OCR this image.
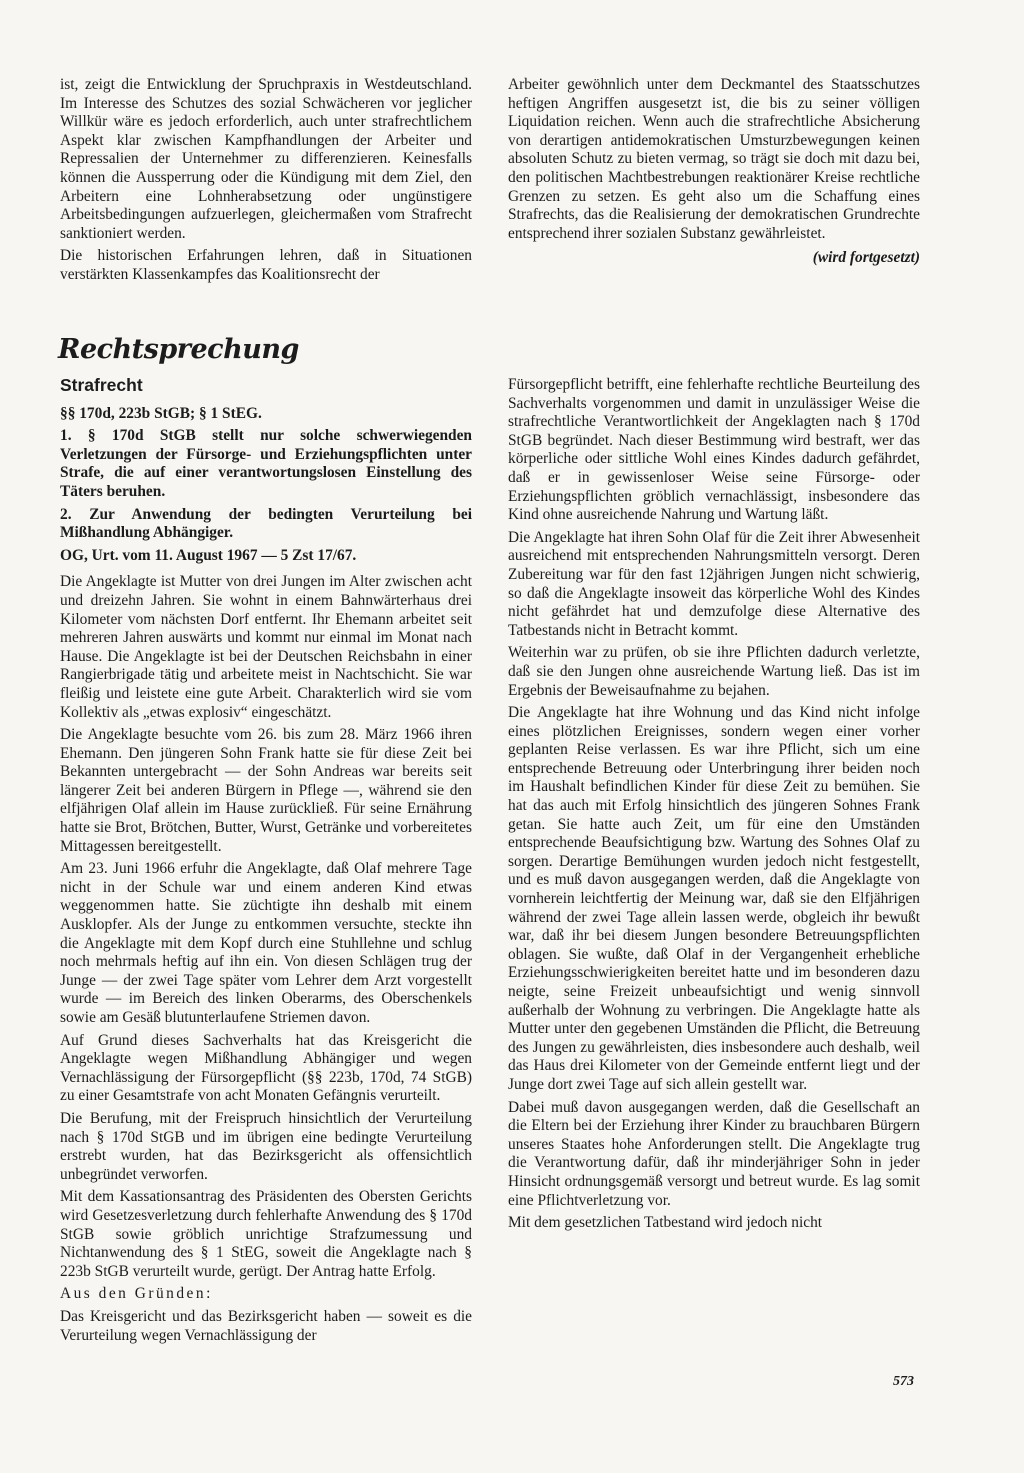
ist, zeigt die Entwicklung der Spruchpraxis in Westdeutschland. Im Interesse des Schutzes des sozial Schwächeren vor jeglicher Willkür wäre es jedoch erforderlich, auch unter strafrechtlichem Aspekt klar zwischen Kampfhandlungen der Arbeiter und Repressalien der Unternehmer zu differenzieren. Keinesfalls können die Aussperrung oder die Kündigung mit dem Ziel, den Arbeitern eine Lohnherabsetzung oder ungünstigere Arbeitsbedingungen aufzuerlegen, gleichermaßen vom Strafrecht sanktioniert werden.

Die historischen Erfahrungen lehren, daß in Situationen verstärkten Klassenkampfes das Koalitionsrecht der

Arbeiter gewöhnlich unter dem Deckmantel des Staatsschutzes heftigen Angriffen ausgesetzt ist, die bis zu seiner völligen Liquidation reichen. Wenn auch die strafrechtliche Absicherung von derartigen antidemokratischen Umsturzbewegungen keinen absoluten Schutz zu bieten vermag, so trägt sie doch mit dazu bei, den politischen Machtbestrebungen reaktionärer Kreise rechtliche Grenzen zu setzen. Es geht also um die Schaffung eines Strafrechts, das die Realisierung der demokratischen Grundrechte entsprechend ihrer sozialen Substanz gewährleistet.

(wird fortgesetzt)

Rechtsprechung

Strafrecht

§§ 170d, 223b StGB; § 1 StEG.

1. § 170d StGB stellt nur solche schwerwiegenden Verletzungen der Fürsorge- und Erziehungspflichten unter Strafe, die auf einer verantwortungslosen Einstellung des Täters beruhen.

2. Zur Anwendung der bedingten Verurteilung bei Mißhandlung Abhängiger.

OG, Urt. vom 11. August 1967 — 5 Zst 17/67.

Die Angeklagte ist Mutter von drei Jungen im Alter zwischen acht und dreizehn Jahren. Sie wohnt in einem Bahnwärterhaus drei Kilometer vom nächsten Dorf entfernt. Ihr Ehemann arbeitet seit mehreren Jahren auswärts und kommt nur einmal im Monat nach Hause. Die Angeklagte ist bei der Deutschen Reichsbahn in einer Rangierbrigade tätig und arbeitete meist in Nachtschicht. Sie war fleißig und leistete eine gute Arbeit. Charakterlich wird sie vom Kollektiv als „etwas explosiv“ eingeschätzt.

Die Angeklagte besuchte vom 26. bis zum 28. März 1966 ihren Ehemann. Den jüngeren Sohn Frank hatte sie für diese Zeit bei Bekannten untergebracht — der Sohn Andreas war bereits seit längerer Zeit bei anderen Bürgern in Pflege —, während sie den elfjährigen Olaf allein im Hause zurückließ. Für seine Ernährung hatte sie Brot, Brötchen, Butter, Wurst, Getränke und vorbereitetes Mittagessen bereitgestellt.

Am 23. Juni 1966 erfuhr die Angeklagte, daß Olaf mehrere Tage nicht in der Schule war und einem anderen Kind etwas weggenommen hatte. Sie züchtigte ihn deshalb mit einem Ausklopfer. Als der Junge zu entkommen versuchte, steckte ihn die Angeklagte mit dem Kopf durch eine Stuhllehne und schlug noch mehrmals heftig auf ihn ein. Von diesen Schlägen trug der Junge — der zwei Tage später vom Lehrer dem Arzt vorgestellt wurde — im Bereich des linken Oberarms, des Oberschenkels sowie am Gesäß blutunterlaufene Striemen davon.

Auf Grund dieses Sachverhalts hat das Kreisgericht die Angeklagte wegen Mißhandlung Abhängiger und wegen Vernachlässigung der Fürsorgepflicht (§§ 223b, 170d, 74 StGB) zu einer Gesamtstrafe von acht Monaten Gefängnis verurteilt.

Die Berufung, mit der Freispruch hinsichtlich der Verurteilung nach § 170d StGB und im übrigen eine bedingte Verurteilung erstrebt wurden, hat das Bezirksgericht als offensichtlich unbegründet verworfen.

Mit dem Kassationsantrag des Präsidenten des Obersten Gerichts wird Gesetzesverletzung durch fehlerhafte Anwendung des § 170d StGB sowie gröblich unrichtige Strafzumessung und Nichtanwendung des § 1 StEG, soweit die Angeklagte nach § 223b StGB verurteilt wurde, gerügt. Der Antrag hatte Erfolg.

Aus den Gründen:

Das Kreisgericht und das Bezirksgericht haben — soweit es die Verurteilung wegen Vernachlässigung der

Fürsorgepflicht betrifft, eine fehlerhafte rechtliche Beurteilung des Sachverhalts vorgenommen und damit in unzulässiger Weise die strafrechtliche Verantwortlichkeit der Angeklagten nach § 170d StGB begründet. Nach dieser Bestimmung wird bestraft, wer das körperliche oder sittliche Wohl eines Kindes dadurch gefährdet, daß er in gewissenloser Weise seine Fürsorge- oder Erziehungspflichten gröblich vernachlässigt, insbesondere das Kind ohne ausreichende Nahrung und Wartung läßt.

Die Angeklagte hat ihren Sohn Olaf für die Zeit ihrer Abwesenheit ausreichend mit entsprechenden Nahrungsmitteln versorgt. Deren Zubereitung war für den fast 12jährigen Jungen nicht schwierig, so daß die Angeklagte insoweit das körperliche Wohl des Kindes nicht gefährdet hat und demzufolge diese Alternative des Tatbestands nicht in Betracht kommt.

Weiterhin war zu prüfen, ob sie ihre Pflichten dadurch verletzte, daß sie den Jungen ohne ausreichende Wartung ließ. Das ist im Ergebnis der Beweisaufnahme zu bejahen.

Die Angeklagte hat ihre Wohnung und das Kind nicht infolge eines plötzlichen Ereignisses, sondern wegen einer vorher geplanten Reise verlassen. Es war ihre Pflicht, sich um eine entsprechende Betreuung oder Unterbringung ihrer beiden noch im Haushalt befindlichen Kinder für diese Zeit zu bemühen. Sie hat das auch mit Erfolg hinsichtlich des jüngeren Sohnes Frank getan. Sie hatte auch Zeit, um für eine den Umständen entsprechende Beaufsichtigung bzw. Wartung des Sohnes Olaf zu sorgen. Derartige Bemühungen wurden jedoch nicht festgestellt, und es muß davon ausgegangen werden, daß die Angeklagte von vornherein leichtfertig der Meinung war, daß sie den Elfjährigen während der zwei Tage allein lassen werde, obgleich ihr bewußt war, daß ihr bei diesem Jungen besondere Betreuungspflichten oblagen. Sie wußte, daß Olaf in der Vergangenheit erhebliche Erziehungsschwierigkeiten bereitet hatte und im besonderen dazu neigte, seine Freizeit unbeaufsichtigt und wenig sinnvoll außerhalb der Wohnung zu verbringen. Die Angeklagte hatte als Mutter unter den gegebenen Umständen die Pflicht, die Betreuung des Jungen zu gewährleisten, dies insbesondere auch deshalb, weil das Haus drei Kilometer von der Gemeinde entfernt liegt und der Junge dort zwei Tage auf sich allein gestellt war.

Dabei muß davon ausgegangen werden, daß die Gesellschaft an die Eltern bei der Erziehung ihrer Kinder zu brauchbaren Bürgern unseres Staates hohe Anforderungen stellt. Die Angeklagte trug die Verantwortung dafür, daß ihr minderjähriger Sohn in jeder Hinsicht ordnungsgemäß versorgt und betreut wurde. Es lag somit eine Pflichtverletzung vor.

Mit dem gesetzlichen Tatbestand wird jedoch nicht

573
